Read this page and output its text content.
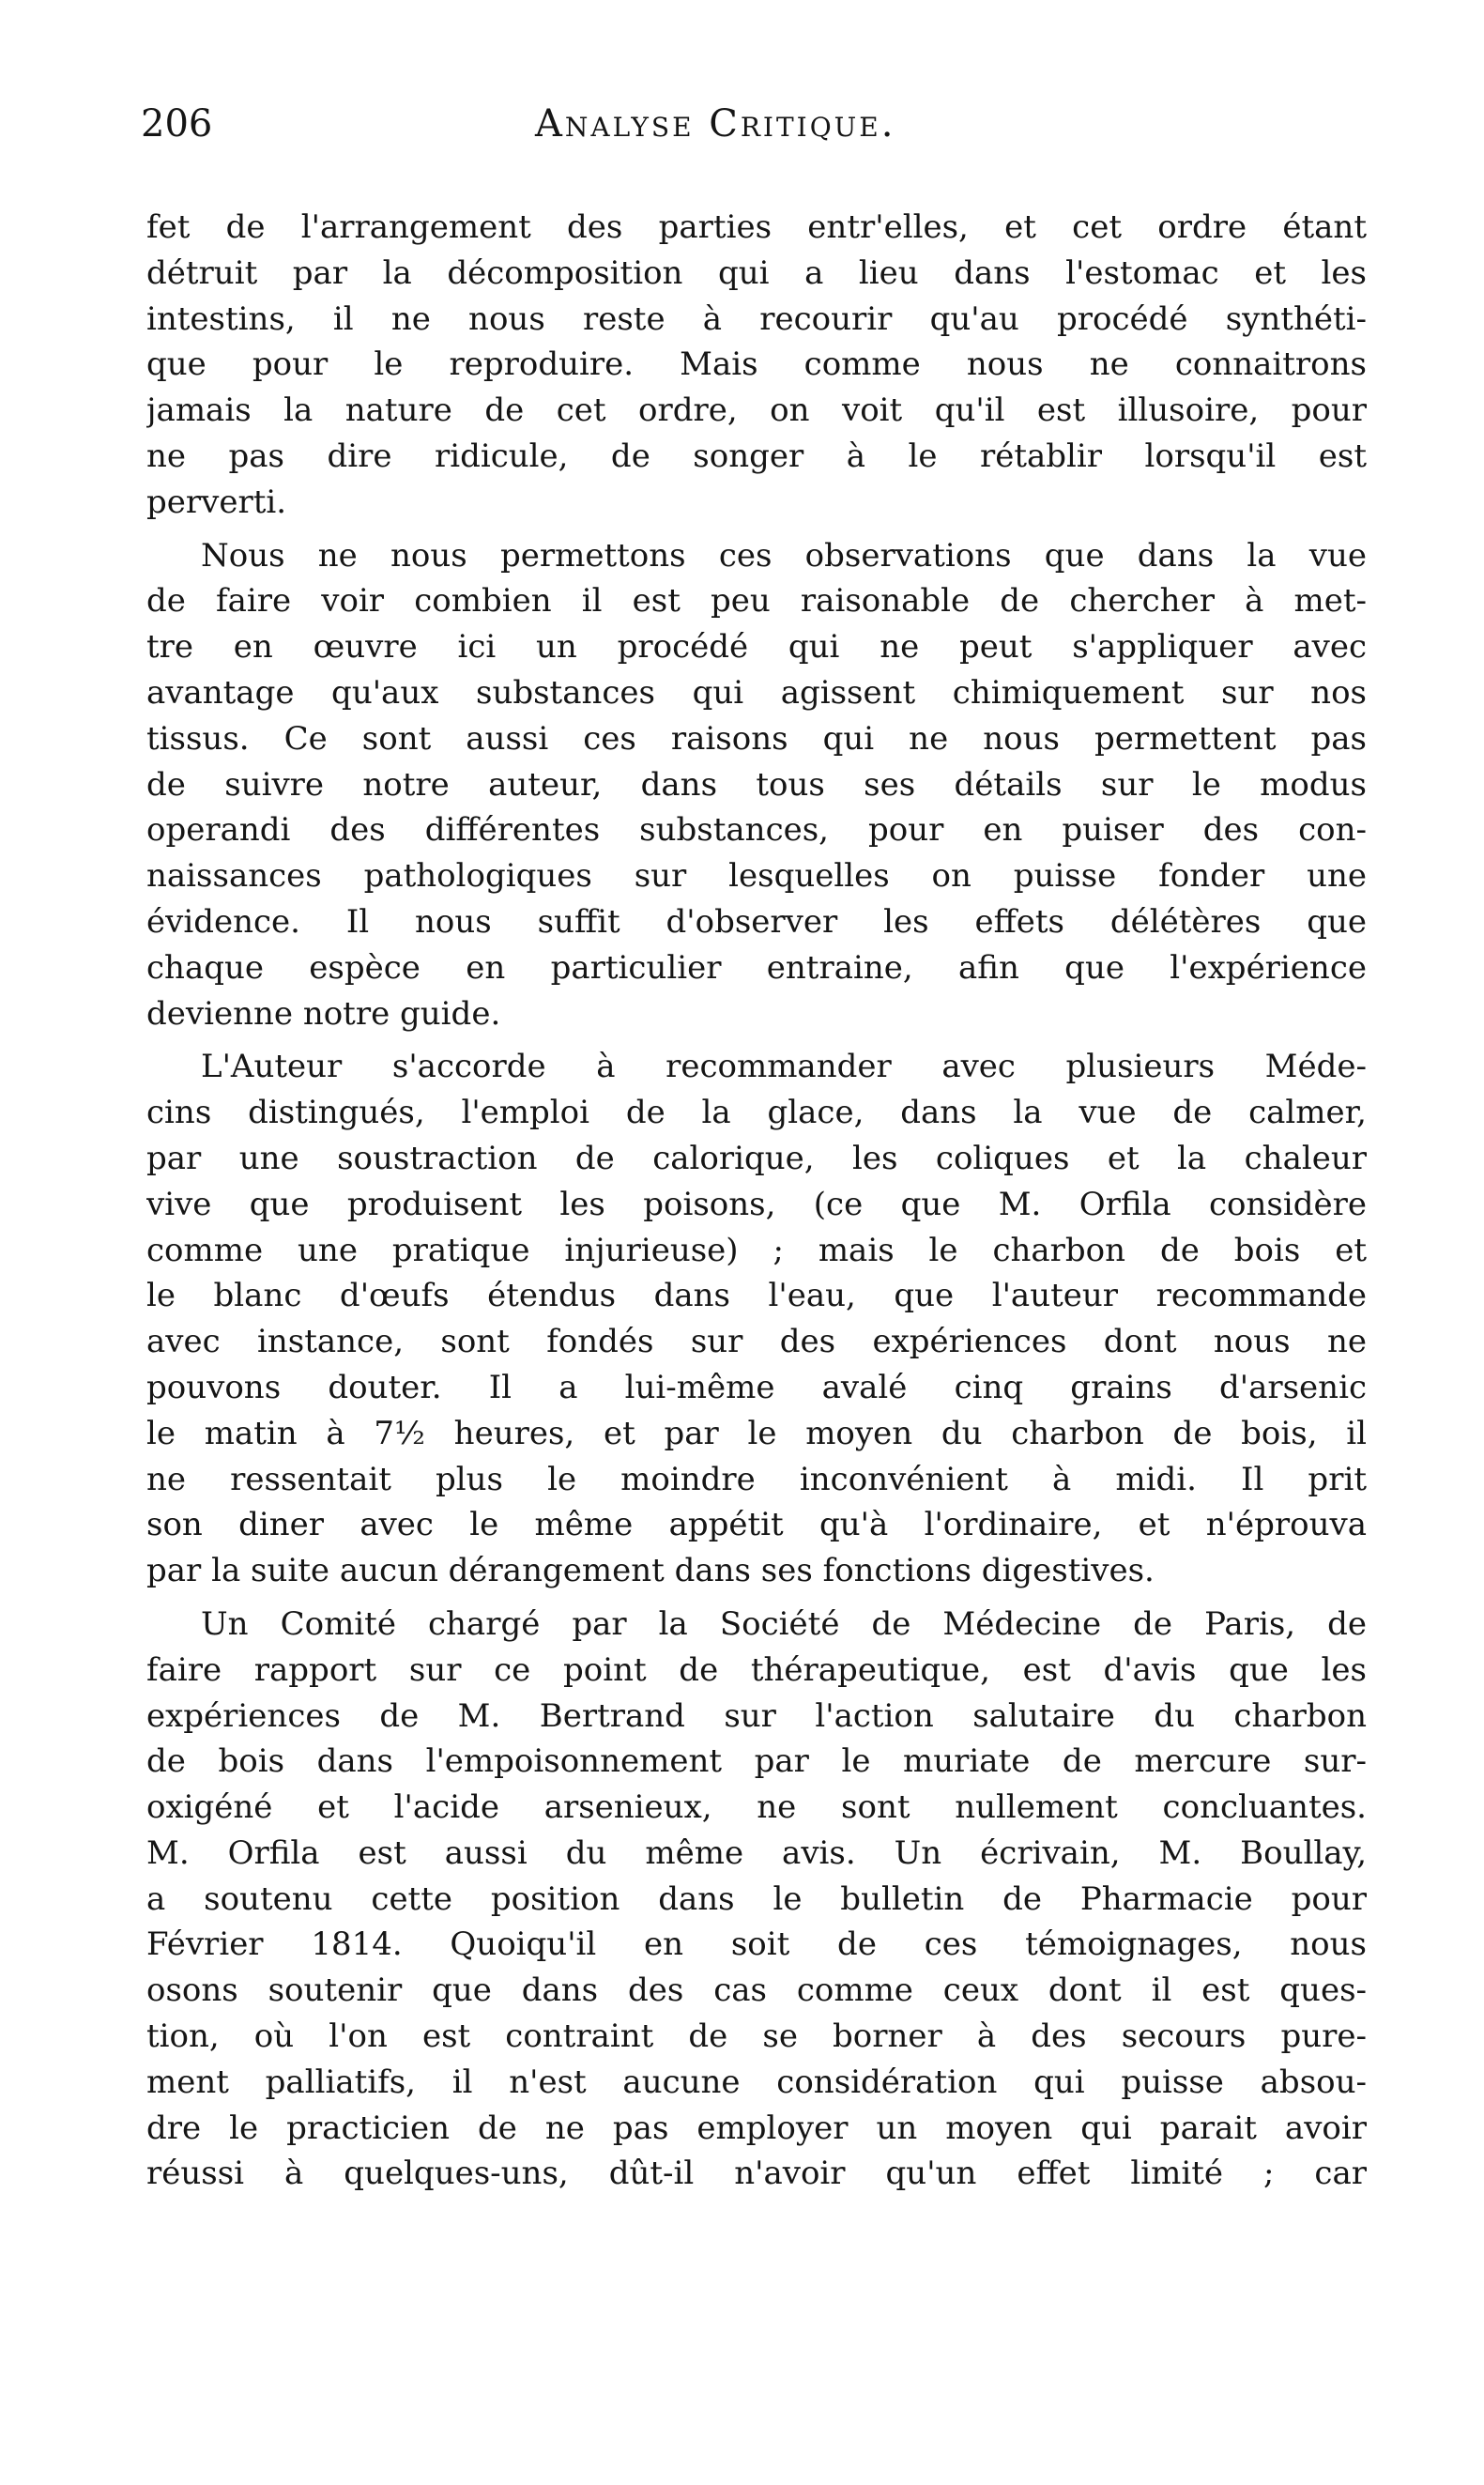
206	Analyse Critique.
fet de l'arrangement des parties entr'elles, et cet ordre étant
détruit par la décomposition qui a lieu dans l'estomac et les
intestins, il ne nous reste à recourir qu'au procédé synthéti-
que pour le reproduire. Mais comme nous ne connaitrons
jamais la nature de cet ordre, on voit qu'il est illusoire, pour
ne pas dire ridicule, de songer à le rétablir lorsqu'il est
perverti.
Nous ne nous permettons ces observations que dans la vue
de faire voir combien il est peu raisonable de chercher à met-
tre en œuvre ici un procédé qui ne peut s'appliquer avec
avantage qu'aux substances qui agissent chimiquement sur nos
tissus. Ce sont aussi ces raisons qui ne nous permettent pas
de suivre notre auteur, dans tous ses détails sur le modus
operandi des différentes substances, pour en puiser des con-
naissances pathologiques sur lesquelles on puisse fonder une
évidence. Il nous suffit d'observer les effets délétères que
chaque espèce en particulier entraine, afin que l'expérience
devienne notre guide.
L'Auteur s'accorde à recommander avec plusieurs Méde-
cins distingués, l'emploi de la glace, dans la vue de calmer,
par une soustraction de calorique, les coliques et la chaleur
vive que produisent les poisons, (ce que M. Orfila considère
comme une pratique injurieuse) ; mais le charbon de bois et
le blanc d'œufs étendus dans l'eau, que l'auteur recommande
avec instance, sont fondés sur des expériences dont nous ne
pouvons douter. Il a lui-même avalé cinq grains d'arsenic
le matin à 7½ heures, et par le moyen du charbon de bois, il
ne ressentait plus le moindre inconvénient à midi. Il prit
son diner avec le même appétit qu'à l'ordinaire, et n'éprouva
par la suite aucun dérangement dans ses fonctions digestives.
Un Comité chargé par la Société de Médecine de Paris, de
faire rapport sur ce point de thérapeutique, est d'avis que les
expériences de M. Bertrand sur l'action salutaire du charbon
de bois dans l'empoisonnement par le muriate de mercure sur-
oxigéné et l'acide arsenieux, ne sont nullement concluantes.
M. Orfila est aussi du même avis. Un écrivain, M. Boullay,
a soutenu cette position dans le bulletin de Pharmacie pour
Février 1814. Quoiqu'il en soit de ces témoignages, nous
osons soutenir que dans des cas comme ceux dont il est ques-
tion, où l'on est contraint de se borner à des secours pure-
ment palliatifs, il n'est aucune considération qui puisse absou-
dre le practicien de ne pas employer un moyen qui parait avoir
réussi à quelques-uns, dût-il n'avoir qu'un effet limité ; car
